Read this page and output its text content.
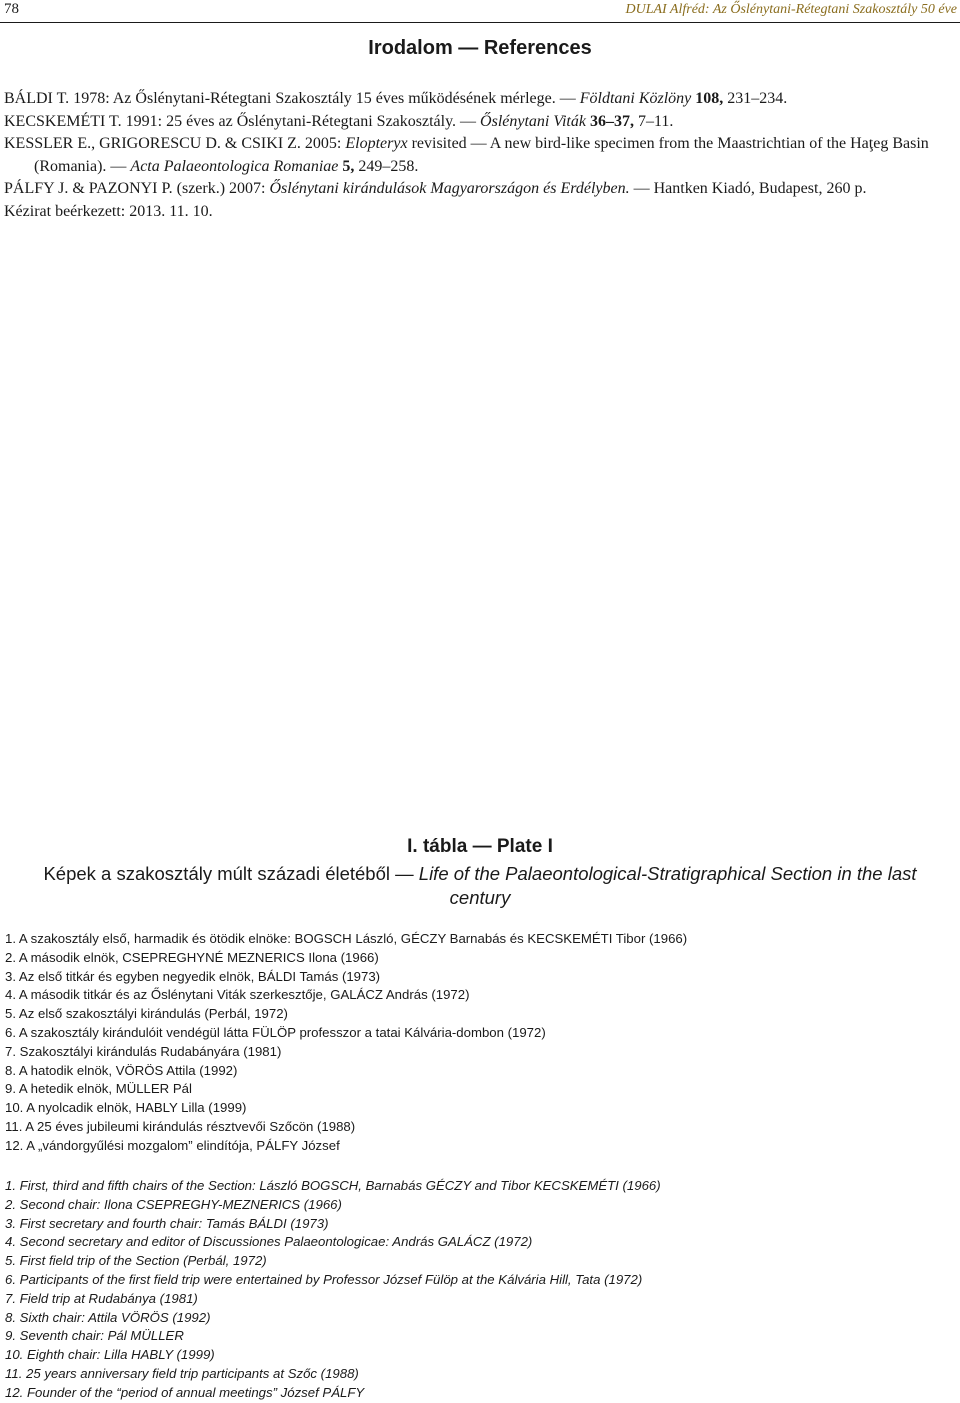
78	DULAI Alfréd: Az Őslénytani-Rétegtani Szakosztály 50 éve
Irodalom — References

BÁLDI T. 1978: Az Őslénytani-Rétegtani Szakosztály 15 éves működésének mérlege. — Földtani Közlöny 108, 231–234.

KECSKEMÉTI T. 1991: 25 éves az Őslénytani-Rétegtani Szakosztály. — Őslénytani Viták 36–37, 7–11.

KESSLER E., GRIGORESCU D. & CSIKI Z. 2005: Elopteryx revisited — A new bird-like specimen from the Maastrichtian of the Haţeg Basin (Romania). — Acta Palaeontologica Romaniae 5, 249–258.

PÁLFY J. & PAZONYI P. (szerk.) 2007: Őslénytani kirándulások Magyarországon és Erdélyben. — Hantken Kiadó, Budapest, 260 p.

Kézirat beérkezett: 2013. 11. 10.

I. tábla — Plate I
Képek a szakosztály múlt századi életéből — Life of the Palaeontological-Stratigraphical Section in the last century

1. A szakosztály első, harmadik és ötödik elnöke: BOGSCH László, GÉCZY Barnabás és KECSKEMÉTI Tibor (1966)

2. A második elnök, CSEPREGHYNÉ MEZNERICS Ilona (1966)

3. Az első titkár és egyben negyedik elnök, BÁLDI Tamás (1973)

4. A második titkár és az Őslénytani Viták szerkesztője, GALÁCZ András (1972)

5. Az első szakosztályi kirándulás (Perbál, 1972)

6. A szakosztály kirándulóit vendégül látta FÜLÖP professzor a tatai Kálvária-dombon (1972)

7. Szakosztályi kirándulás Rudabányára (1981)

8. A hatodik elnök, VÖRÖS Attila (1992)

9. A hetedik elnök, MÜLLER Pál

10. A nyolcadik elnök, HABLY Lilla (1999)

11. A 25 éves jubileumi kirándulás résztvevői Szőcön (1988)

12. A „vándorgyűlési mozgalom” elindítója, PÁLFY József

1. First, third and fifth chairs of the Section: László BOGSCH, Barnabás GÉCZY and Tibor KECSKEMÉTI (1966)

2. Second chair: Ilona CSEPREGHY-MEZNERICS (1966)

3. First secretary and fourth chair: Tamás BÁLDI (1973)

4. Second secretary and editor of Discussiones Palaeontologicae: András GALÁCZ (1972)

5. First field trip of the Section (Perbál, 1972)

6. Participants of the first field trip were entertained by Professor József Fülöp at the Kálvária Hill, Tata (1972)

7. Field trip at Rudabánya (1981)

8. Sixth chair: Attila VÖRÖS (1992)

9. Seventh chair: Pál MÜLLER

10. Eighth chair: Lilla HABLY (1999)

11. 25 years anniversary field trip participants at Szőc (1988)

12. Founder of the “period of annual meetings” József PÁLFY
